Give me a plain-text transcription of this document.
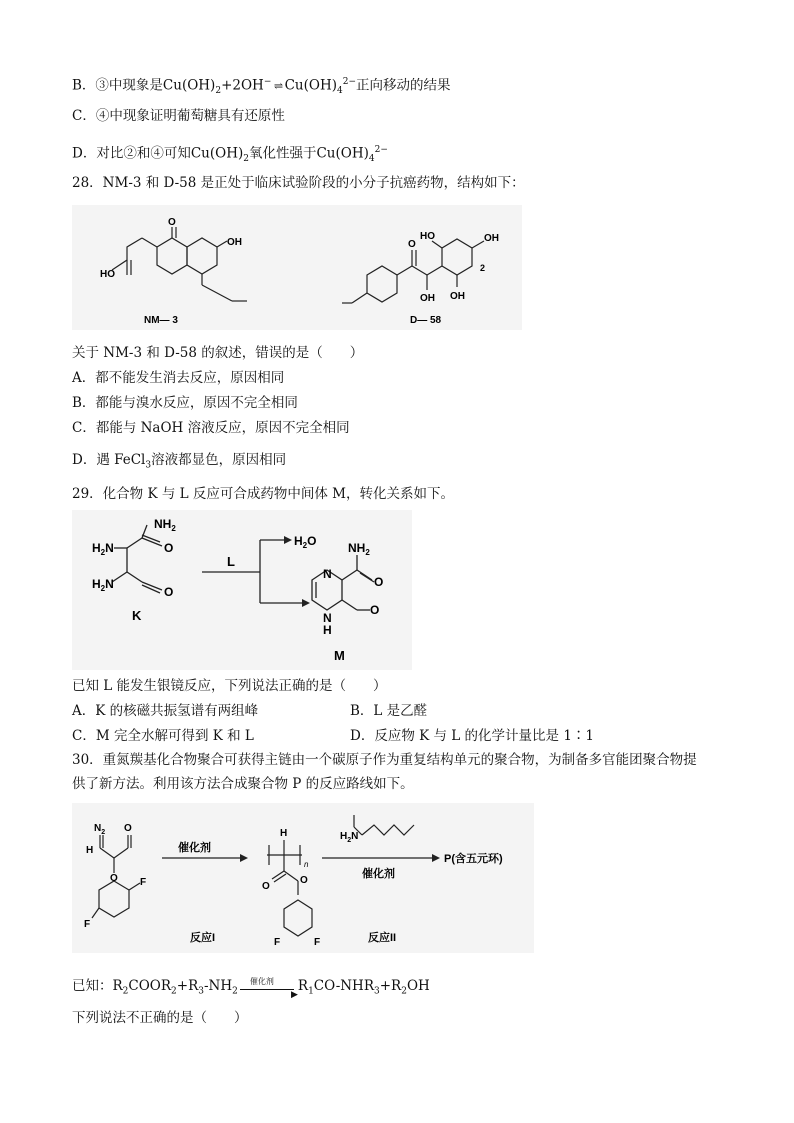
B．③中现象是$Cu(OH)_2+2OH^-$ ⇌ $Cu(OH)_4^{2-}$正向移动的结果
C．④中现象证明葡萄糖具有还原性
D．对比②和④可知$Cu(OH)_2$氧化性强于$Cu(OH)_4^{2-}$
28．NM-3 和 D-58 是正处于临床试验阶段的小分子抗癌药物，结构如下：
HO
O
OH
NM— 3
O
HO	OH
OH OH
2
D— 58
关于 NM-3 和 D-58 的叙述，错误的是（　　）
A．都不能发生消去反应，原因相同
B．都能与溴水反应，原因不完全相同
C．都能与 NaOH 溶液反应，原因不完全相同
D．遇 FeCl$_3$溶液都显色，原因相同
29．化合物 K 与 L 反应可合成药物中间体 M，转化关系如下。
$NH_2$
$H_2N$	O
$H_2N$
O
K
L
$H_2O$	$NH_2$
N
O
O
N
H
M
已知 L 能发生银镜反应，下列说法正确的是（　　）
A．K 的核磁共振氢谱有两组峰	B．L 是乙醛
C．M 完全水解可得到 K 和 L	D．反应物 K 与 L 的化学计量比是 1∶1
30．重氮羰基化合物聚合可获得主链由一个碳原子作为重复结构单元的聚合物，为制备多官能团聚合物提
供了新方法。利用该方法合成聚合物 P 的反应路线如下。
$N_2$
H
O
O F
F
催化剂
H
n
O
O
F	F
反应I
$H_2N$
催化剂
P(含五元环)
反应II
已知：$R_2COOR_2+R_3-NH_2$
催化剂
▶
$R_1CO-NHR_3+R_2OH$
下列说法不正确的是（　　）
